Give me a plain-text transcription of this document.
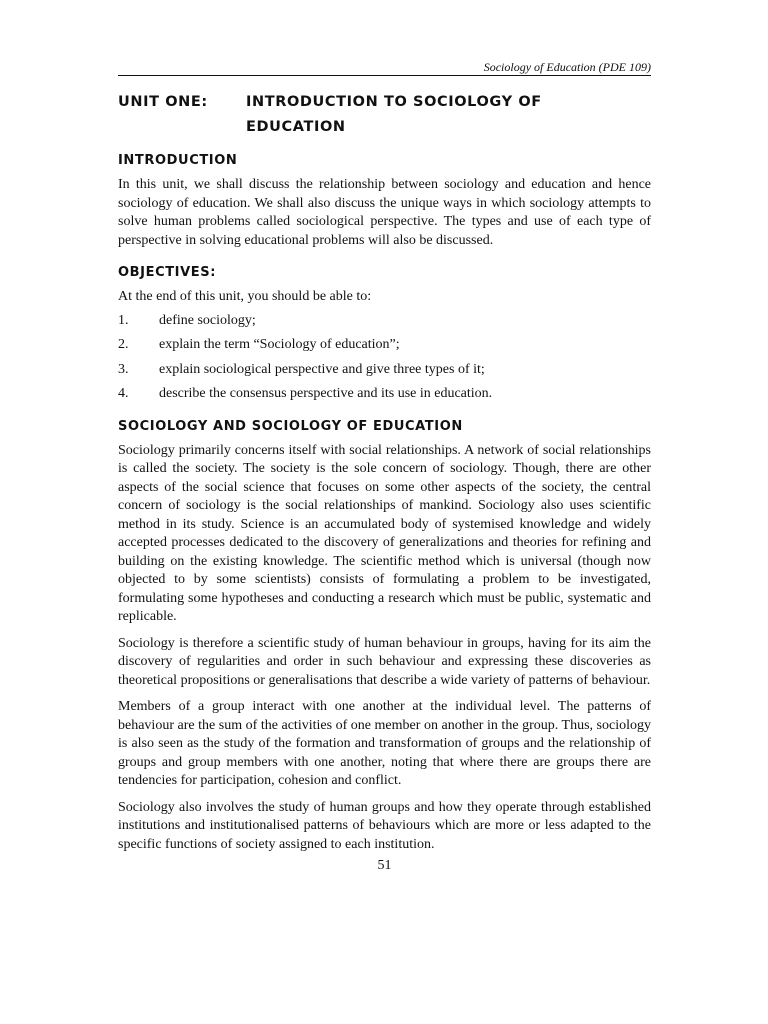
Sociology of Education (PDE 109)
UNIT ONE:	INTRODUCTION TO SOCIOLOGY OF
EDUCATION
INTRODUCTION

In this unit, we shall discuss the relationship between sociology and education and hence sociology of education. We shall also discuss the unique ways in which sociology attempts to solve human problems called sociological perspective. The types and use of each type of perspective in solving educational problems will also be discussed.

OBJECTIVES:

At the end of this unit, you should be able to:

1.	define sociology;
2.	explain the term “Sociology of education”;
3.	explain sociological perspective and give three types of it;
4.	describe the consensus perspective and its use in education.
SOCIOLOGY AND SOCIOLOGY OF EDUCATION

Sociology primarily concerns itself with social relationships. A network of social relationships is called the society. The society is the sole concern of sociology. Though, there are other aspects of the social science that focuses on some other aspects of the society, the central concern of sociology is the social relationships of mankind. Sociology also uses scientific method in its study. Science is an accumulated body of systemised knowledge and widely accepted processes dedicated to the discovery of generalizations and theories for refining and building on the existing knowledge. The scientific method which is universal (though now objected to by some scientists) consists of formulating a problem to be investigated, formulating some hypotheses and conducting a research which must be public, systematic and replicable.

Sociology is therefore a scientific study of human behaviour in groups, having for its aim the discovery of regularities and order in such behaviour and expressing these discoveries as theoretical propositions or generalisations that describe a wide variety of patterns of behaviour.

Members of a group interact with one another at the individual level. The patterns of behaviour are the sum of the activities of one member on another in the group. Thus, sociology is also seen as the study of the formation and transformation of groups and the relationship of groups and group members with one another, noting that where there are groups there are tendencies for participation, cohesion and conflict.

Sociology also involves the study of human groups and how they operate through established institutions and institutionalised patterns of behaviours which are more or less adapted to the specific functions of society assigned to each institution.

51
